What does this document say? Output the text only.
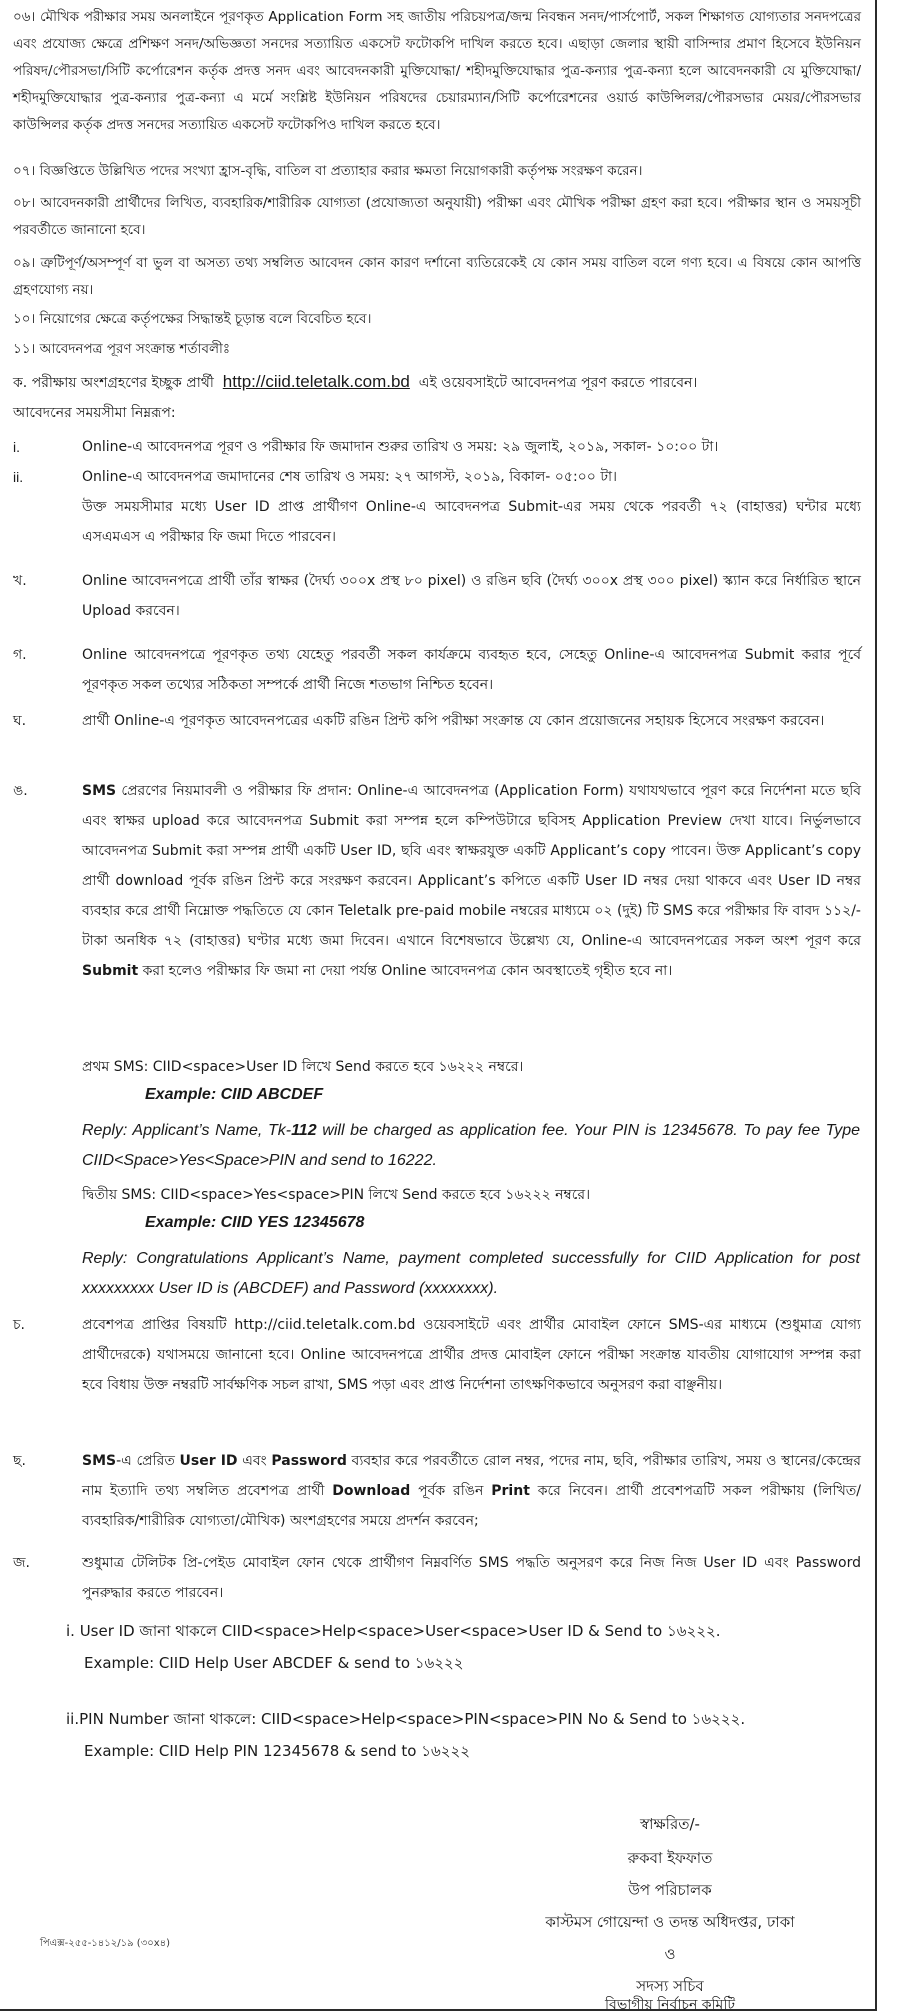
০৬। মৌখিক পরীক্ষার সময় অনলাইনে পূরণকৃত Application Form সহ জাতীয় পরিচয়পত্র/জন্ম নিবন্ধন সনদ/পার্সপোর্ট, সকল শিক্ষাগত যোগ্যতার সনদপত্রের এবং প্রযোজ্য ক্ষেত্রে প্রশিক্ষণ সনদ/অভিজ্ঞতা সনদের সত্যায়িত একসেট ফটোকপি দাখিল করতে হবে। এছাড়া জেলার স্থায়ী বাসিন্দার প্রমাণ হিসেবে ইউনিয়ন পরিষদ/পৌরসভা/সিটি কর্পোরেশন কর্তৃক প্রদত্ত সনদ এবং আবেদনকারী মুক্তিযোদ্ধা/ শহীদমুক্তিযোদ্ধার পুত্র-কন্যার পুত্র-কন্যা হলে আবেদনকারী যে মুক্তিযোদ্ধা/ শহীদমুক্তিযোদ্ধার পুত্র-কন্যার পুত্র-কন্যা এ মর্মে সংশ্লিষ্ট ইউনিয়ন পরিষদের চেয়ারম্যান/সিটি কর্পোরেশনের ওয়ার্ড কাউন্সিলর/পৌরসভার মেয়র/পৌরসভার কাউন্সিলর কর্তৃক প্রদত্ত সনদের সত্যায়িত একসেট ফটোকপিও দাখিল করতে হবে।
০৭। বিজ্ঞপ্তিতে উল্লিখিত পদের সংখ্যা হ্রাস-বৃদ্ধি, বাতিল বা প্রত্যাহার করার ক্ষমতা নিয়োগকারী কর্তৃপক্ষ সংরক্ষণ করেন।
০৮। আবেদনকারী প্রার্থীদের লিখিত, ব্যবহারিক/শারীরিক যোগ্যতা (প্রযোজ্যতা অনুযায়ী) পরীক্ষা এবং মৌখিক পরীক্ষা গ্রহণ করা হবে। পরীক্ষার স্থান ও সময়সূচী পরবর্তীতে জানানো হবে।
০৯। ত্রুটিপূর্ণ/অসম্পূর্ণ বা ভুল বা অসত্য তথ্য সম্বলিত আবেদন কোন কারণ দর্শানো ব্যতিরেকেই যে কোন সময় বাতিল বলে গণ্য হবে। এ বিষয়ে কোন আপত্তি গ্রহণযোগ্য নয়।
১০। নিয়োগের ক্ষেত্রে কর্তৃপক্ষের সিদ্ধান্তই চূড়ান্ত বলে বিবেচিত হবে।
১১। আবেদনপত্র পূরণ সংক্রান্ত শর্তাবলীঃ
ক. পরীক্ষায় অংশগ্রহণের ইচ্ছুক প্রার্থী http://ciid.teletalk.com.bd এই ওয়েবসাইটে আবেদনপত্র পূরণ করতে পারবেন।
আবেদনের সময়সীমা নিম্নরূপ:
i.	Online-এ আবেদনপত্র পূরণ ও পরীক্ষার ফি জমাদান শুরুর তারিখ ও সময়: ২৯ জুলাই, ২০১৯, সকাল- ১০:০০ টা।
ii.	Online-এ আবেদনপত্র জমাদানের শেষ তারিখ ও সময়: ২৭ আগস্ট, ২০১৯, বিকাল- ০৫:০০ টা।
উক্ত সময়সীমার মধ্যে User ID প্রাপ্ত প্রার্থীগণ Online-এ আবেদনপত্র Submit-এর সময় থেকে পরবর্তী ৭২ (বাহাত্তর) ঘন্টার মধ্যে এসএমএস এ পরীক্ষার ফি জমা দিতে পারবেন।
খ.	Online আবেদনপত্রে প্রার্থী তাঁর স্বাক্ষর (দৈর্ঘ্য ৩০০x প্রস্থ ৮০ pixel) ও রঙিন ছবি (দৈর্ঘ্য ৩০০x প্রস্থ ৩০০ pixel) স্ক্যান করে নির্ধারিত স্থানে Upload করবেন।
গ.	Online আবেদনপত্রে পূরণকৃত তথ্য যেহেতু পরবর্তী সকল কার্যক্রমে ব্যবহৃত হবে, সেহেতু Online-এ আবেদনপত্র Submit করার পূর্বে পূরণকৃত সকল তথ্যের সঠিকতা সম্পর্কে প্রার্থী নিজে শতভাগ নিশ্চিত হবেন।
ঘ.	প্রার্থী Online-এ পূরণকৃত আবেদনপত্রের একটি রঙিন প্রিন্ট কপি পরীক্ষা সংক্রান্ত যে কোন প্রয়োজনের সহায়ক হিসেবে সংরক্ষণ করবেন।
ঙ.	SMS প্রেরণের নিয়মাবলী ও পরীক্ষার ফি প্রদান: Online-এ আবেদনপত্র (Application Form) যথাযথভাবে পূরণ করে নির্দেশনা মতে ছবি এবং স্বাক্ষর upload করে আবেদনপত্র Submit করা সম্পন্ন হলে কম্পিউটারে ছবিসহ Application Preview দেখা যাবে। নির্ভুলভাবে আবেদনপত্র Submit করা সম্পন্ন প্রার্থী একটি User ID, ছবি এবং স্বাক্ষরযুক্ত একটি Applicant’s copy পাবেন। উক্ত Applicant’s copy প্রার্থী download পূর্বক রঙিন প্রিন্ট করে সংরক্ষণ করবেন। Applicant’s কপিতে একটি User ID নম্বর দেয়া থাকবে এবং User ID নম্বর ব্যবহার করে প্রার্থী নিম্নোক্ত পদ্ধতিতে যে কোন Teletalk pre-paid mobile নম্বরের মাধ্যমে ০২ (দুই) টি SMS করে পরীক্ষার ফি বাবদ ১১২/- টাকা অনধিক ৭২ (বাহাত্তর) ঘণ্টার মধ্যে জমা দিবেন। এখানে বিশেষভাবে উল্লেখ্য যে, Online-এ আবেদনপত্রের সকল অংশ পূরণ করে Submit করা হলেও পরীক্ষার ফি জমা না দেয়া পর্যন্ত Online আবেদনপত্র কোন অবস্থাতেই গৃহীত হবে না।
প্রথম SMS: CIID<space>User ID লিখে Send করতে হবে ১৬২২২ নম্বরে।
Example: CIID ABCDEF
Reply: Applicant’s Name, Tk-112 will be charged as application fee. Your PIN is 12345678. To pay fee Type CIID<Space>Yes<Space>PIN and send to 16222.
দ্বিতীয় SMS: CIID<space>Yes<space>PIN লিখে Send করতে হবে ১৬২২২ নম্বরে।
Example: CIID YES 12345678
Reply: Congratulations Applicant’s Name, payment completed successfully for CIID Application for post xxxxxxxxx User ID is (ABCDEF) and Password (xxxxxxxx).
চ.	প্রবেশপত্র প্রাপ্তির বিষয়টি http://ciid.teletalk.com.bd ওয়েবসাইটে এবং প্রার্থীর মোবাইল ফোনে SMS-এর মাধ্যমে (শুধুমাত্র যোগ্য প্রার্থীদেরকে) যথাসময়ে জানানো হবে। Online আবেদনপত্রে প্রার্থীর প্রদত্ত মোবাইল ফোনে পরীক্ষা সংক্রান্ত যাবতীয় যোগাযোগ সম্পন্ন করা হবে বিধায় উক্ত নম্বরটি সার্বক্ষণিক সচল রাখা, SMS পড়া এবং প্রাপ্ত নির্দেশনা তাৎক্ষণিকভাবে অনুসরণ করা বাঞ্ছনীয়।
ছ.	SMS-এ প্রেরিত User ID এবং Password ব্যবহার করে পরবর্তীতে রোল নম্বর, পদের নাম, ছবি, পরীক্ষার তারিখ, সময় ও স্থানের/কেন্দ্রের নাম ইত্যাদি তথ্য সম্বলিত প্রবেশপত্র প্রার্থী Download পূর্বক রঙিন Print করে নিবেন। প্রার্থী প্রবেশপত্রটি সকল পরীক্ষায় (লিখিত/ব্যবহারিক/শারীরিক যোগ্যতা/মৌখিক) অংশগ্রহণের সময়ে প্রদর্শন করবেন;
জ.	শুধুমাত্র টেলিটক প্রি-পেইড মোবাইল ফোন থেকে প্রার্থীগণ নিম্নবর্ণিত SMS পদ্ধতি অনুসরণ করে নিজ নিজ User ID এবং Password পুনরুদ্ধার করতে পারবেন।
i. User ID জানা থাকলে CIID<space>Help<space>User<space>User ID & Send to ১৬২২২.
Example: CIID Help User ABCDEF & send to ১৬২২২
ii.PIN Number জানা থাকলে: CIID<space>Help<space>PIN<space>PIN No & Send to ১৬২২২.
Example: CIID Help PIN 12345678 & send to ১৬২২২
স্বাক্ষরিত/-
রুকবা ইফফাত
উপ পরিচালক
কাস্টমস গোয়েন্দা ও তদন্ত অধিদপ্তর, ঢাকা
ও
সদস্য সচিব
বিভাগীয় নির্বাচন কমিটি
পিএক্স-২৫৫-১৪১২/১৯ (৩০x৪)
